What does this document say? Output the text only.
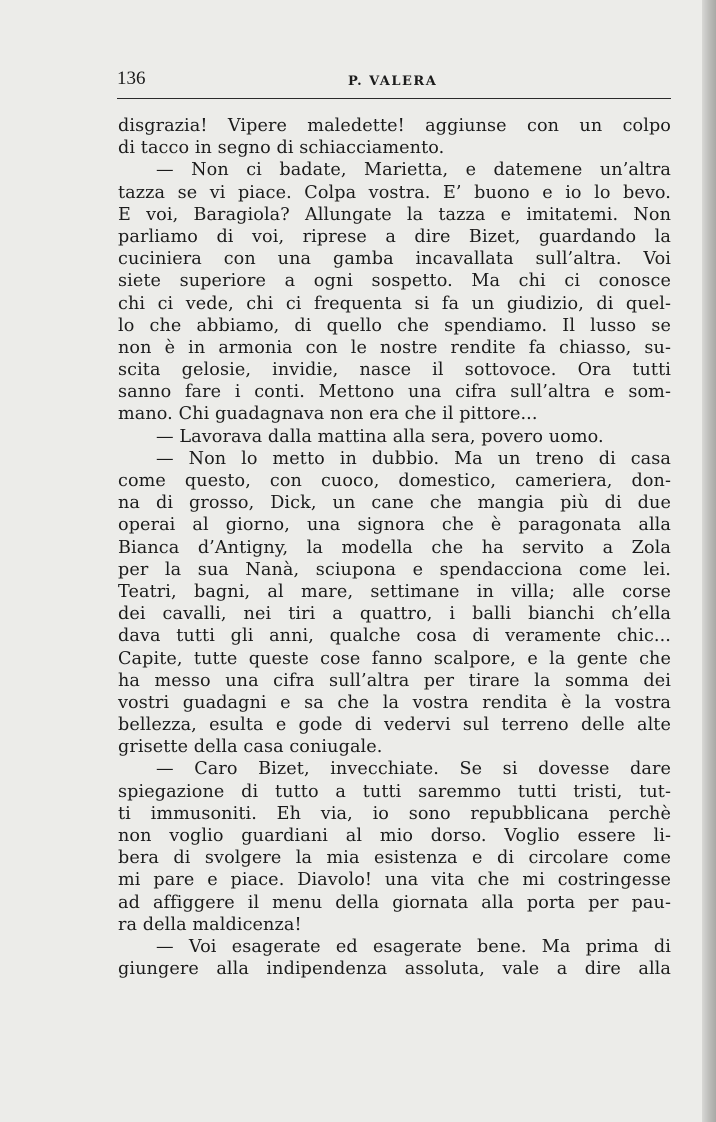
136	P. VALERA
disgrazia! Vipere maledette! aggiunse con un colpo
di tacco in segno di schiacciamento.
— Non ci badate, Marietta, e datemene un’altra
tazza se vi piace. Colpa vostra. E’ buono e io lo bevo.
E voi, Baragiola? Allungate la tazza e imitatemi. Non
parliamo di voi, riprese a dire Bizet, guardando la
cuciniera con una gamba incavallata sull’altra. Voi
siete superiore a ogni sospetto. Ma chi ci conosce
chi ci vede, chi ci frequenta si fa un giudizio, di quel-
lo che abbiamo, di quello che spendiamo. Il lusso se
non è in armonia con le nostre rendite fa chiasso, su-
scita gelosie, invidie, nasce il sottovoce. Ora tutti
sanno fare i conti. Mettono una cifra sull’altra e som-
mano. Chi guadagnava non era che il pittore...
— Lavorava dalla mattina alla sera, povero uomo.
— Non lo metto in dubbio. Ma un treno di casa
come questo, con cuoco, domestico, cameriera, don-
na di grosso, Dick, un cane che mangia più di due
operai al giorno, una signora che è paragonata alla
Bianca d’Antigny, la modella che ha servito a Zola
per la sua Nanà, sciupona e spendacciona come lei.
Teatri, bagni, al mare, settimane in villa; alle corse
dei cavalli, nei tiri a quattro, i balli bianchi ch’ella
dava tutti gli anni, qualche cosa di veramente chic...
Capite, tutte queste cose fanno scalpore, e la gente che
ha messo una cifra sull’altra per tirare la somma dei
vostri guadagni e sa che la vostra rendita è la vostra
bellezza, esulta e gode di vedervi sul terreno delle alte
grisette della casa coniugale.
— Caro Bizet, invecchiate. Se si dovesse dare
spiegazione di tutto a tutti saremmo tutti tristi, tut-
ti immusoniti. Eh via, io sono repubblicana perchè
non voglio guardiani al mio dorso. Voglio essere li-
bera di svolgere la mia esistenza e di circolare come
mi pare e piace. Diavolo! una vita che mi costringesse
ad affiggere il menu della giornata alla porta per pau-
ra della maldicenza!
— Voi esagerate ed esagerate bene. Ma prima di
giungere alla indipendenza assoluta, vale a dire alla
